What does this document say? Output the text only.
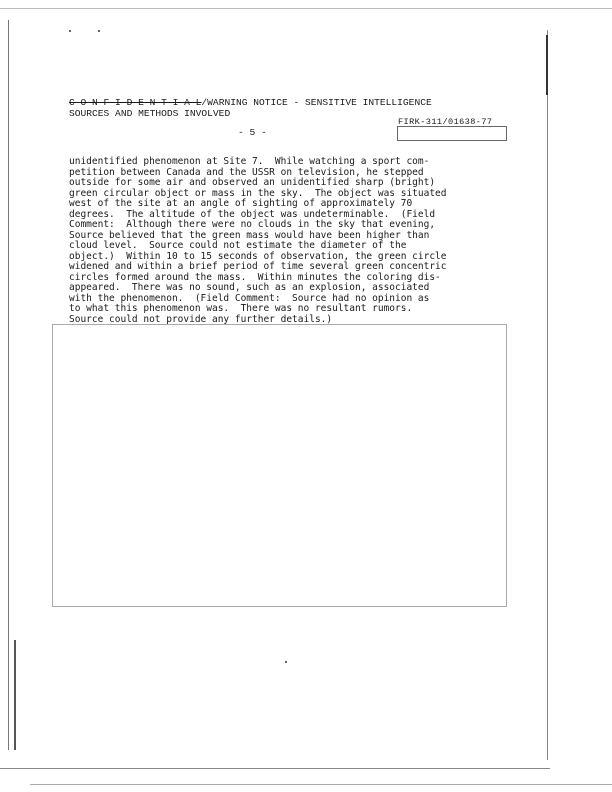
C O N F I D E N T I A L/WARNING NOTICE - SENSITIVE INTELLIGENCE
SOURCES AND METHODS INVOLVED
FIRK-311/01638-77
- 5 -
unidentified phenomenon at Site 7.  While watching a sport com-
petition between Canada and the USSR on television, he stepped
outside for some air and observed an unidentified sharp (bright)
green circular object or mass in the sky.  The object was situated
west of the site at an angle of sighting of approximately 70
degrees.  The altitude of the object was undeterminable.  (Field
Comment:  Although there were no clouds in the sky that evening,
Source believed that the green mass would have been higher than
cloud level.  Source could not estimate the diameter of the
object.)  Within 10 to 15 seconds of observation, the green circle
widened and within a brief period of time several green concentric
circles formed around the mass.  Within minutes the coloring dis-
appeared.  There was no sound, such as an explosion, associated
with the phenomenon.  (Field Comment:  Source had no opinion as
to what this phenomenon was.  There was no resultant rumors.
Source could not provide any further details.)
